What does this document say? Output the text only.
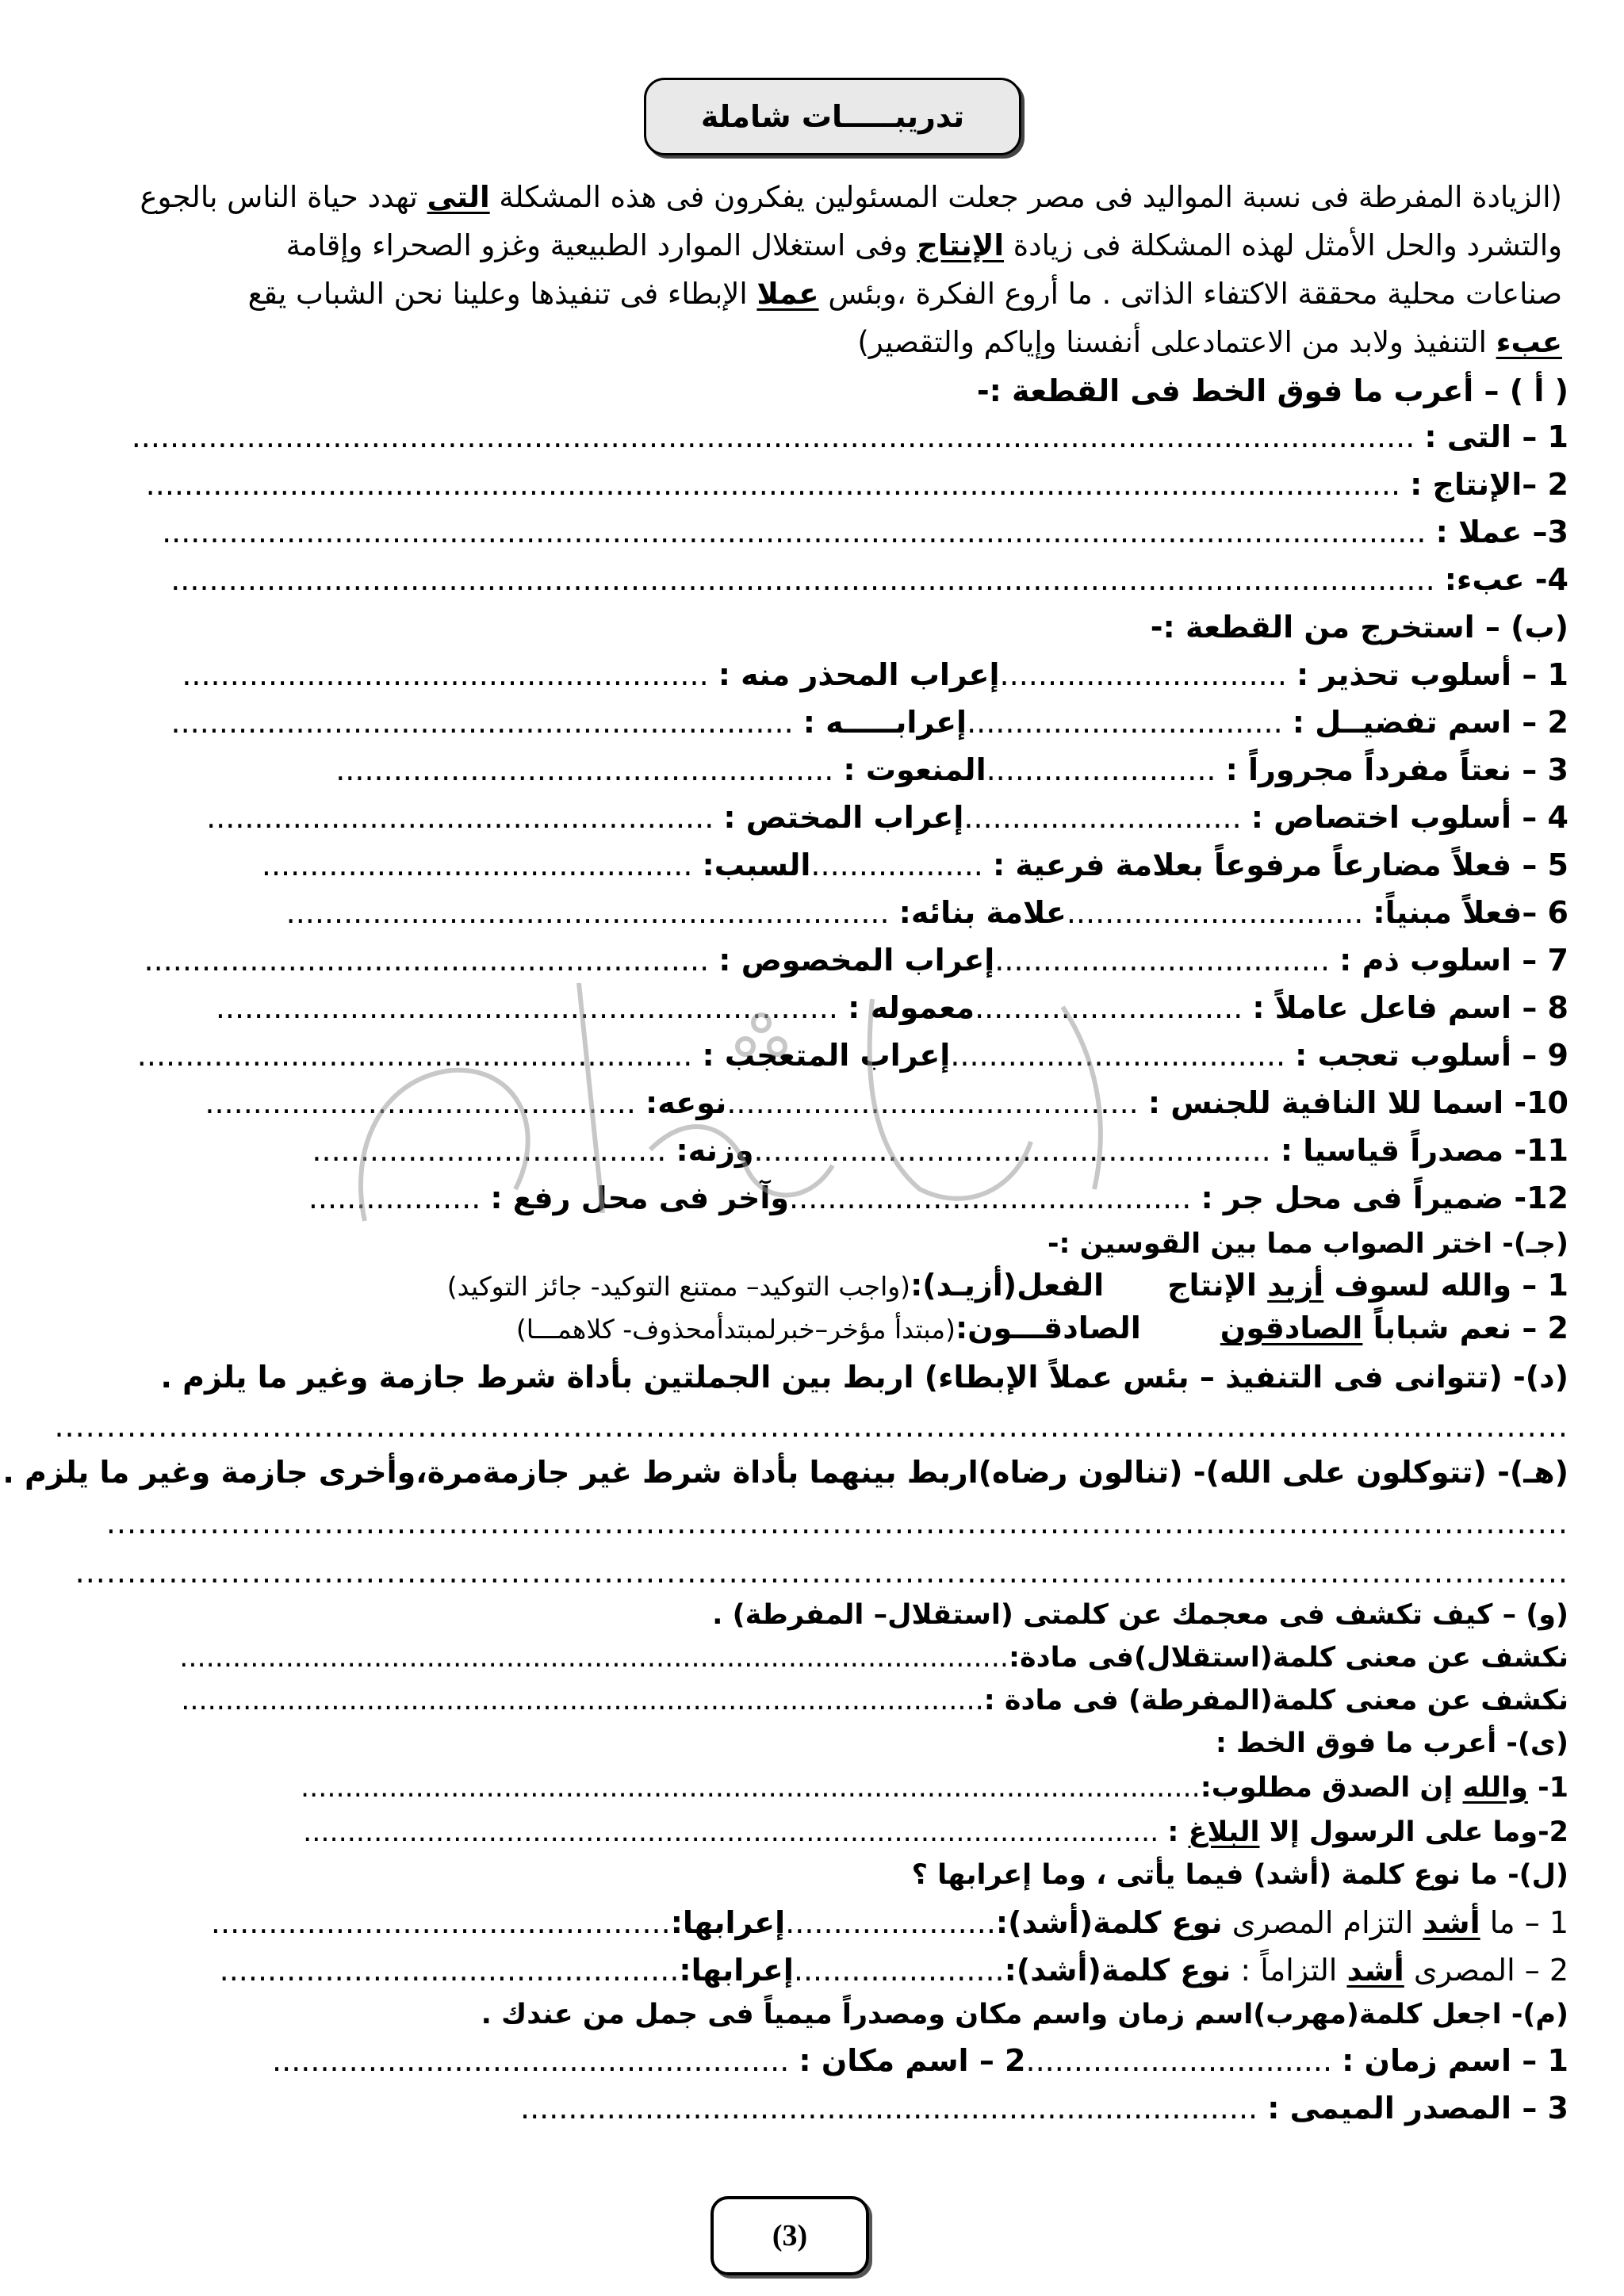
تدريبـــــات شاملة
(الزيادة المفرطة فى نسبة المواليد فى مصر جعلت المسئولين يفكرون فى هذه المشكلة التى تهدد حياة الناس بالجوع
والتشرد والحل الأمثل لهذه المشكلة فى زيادة الإنتاج وفى استغلال الموارد الطبيعية وغزو الصحراء وإقامة
صناعات محلية محققة الاكتفاء الذاتى . ما أروع الفكرة ،وبئس عملا الإبطاء فى تنفيذها وعلينا نحن الشباب يقع
عبء التنفيذ ولابد من الاعتمادعلى أنفسنا وإياكم والتقصير)
( أ ) – أعرب ما فوق الخط فى القطعة :-
1 – التى : ......................................................................................................................................
2 –الإنتاج : ...................................................................................................................................
3– عملا : ....................................................................................................................................
4- عبء: ....................................................................................................................................
(ب) – استخرج من القطعة :-
1 – أسلوب تحذير : ..............................إعراب المحذر منه : .......................................................
2 – اسم تفضيــل : .................................إعرابـــــه : .................................................................
3 – نعتاً مفرداً مجروراً : ........................المنعوت : ....................................................
4 – أسلوب اختصاص : .............................إعراب المختص : .....................................................
5 – فعلاً مضارعاً مرفوعاً بعلامة فرعية : ..................السبب: .............................................
6 –فعلاً مبنياً: ...............................علامة بنائه: ...............................................................
7 – اسلوب ذم : ...................................إعراب المخصوص : ...........................................................
8 – اسم فاعل عاملاً : ............................معموله : .................................................................
9 – أسلوب تعجب : ...................................إعراب المتعجب : ..........................................................
10- اسما للا النافية للجنس : ...........................................نوعه: .............................................
11- مصدراً قياسيا : ......................................................وزنه: .....................................
12- ضميراً فى محل جر : ..........................................وآخر فى محل رفع : ..................
(جـ)- اختر الصواب مما بين القوسين :-
1 – والله لسوف أزيد الإنتاجالفعل(أزيـد):(واجب التوكيد– ممتنع التوكيد- جائز التوكيد)
2 – نعم شباباً الصادقونالصادقـــون:(مبتدأ مؤخر–خبرلمبتدأمحذوف- كلاهمـــا)
(د)- (تتوانى فى التنفيذ – بئس عملاً الإبطاء) اربط بين الجملتين بأداة شرط جازمة وغير ما يلزم .
..................................................................................................................................................
(هـ)- (تتوكلون على الله)- (تنالون رضاه)اربط بينهما بأداة شرط غير جازمةمرة،وأخرى جازمة وغير ما يلزم .
.............................................................................................................................................
................................................................................................................................................
(و) – كيف تكشف فى معجمك عن كلمتى (استقلال– المفرطة) .
نكشف عن معنى كلمة(استقلال)فى مادة:..............................................................................................
نكشف عن معنى كلمة(المفرطة) فى مادة :...........................................................................................
(ى)- أعرب ما فوق الخط :
1- والله إن الصدق مطلوب:......................................................................................................
2-وما على الرسول إلا البلاغ : .................................................................................................
(ل)- ما نوع كلمة (أشد) فيما يأتى ، وما إعرابها ؟
1 – ما أشد التزام المصرى نوع كلمة(أشد):......................إعرابها:................................................
2 – المصرى أشد التزاماً : نوع كلمة(أشد):......................إعرابها:................................................
(م)- اجعل كلمة(مهرب)اسم زمان واسم مكان ومصدراً ميمياً فى جمل من عندك .
1 – اسم زمان : ................................2 – اسم مكان : ......................................................
3 – المصدر الميمى : .............................................................................
(3)
